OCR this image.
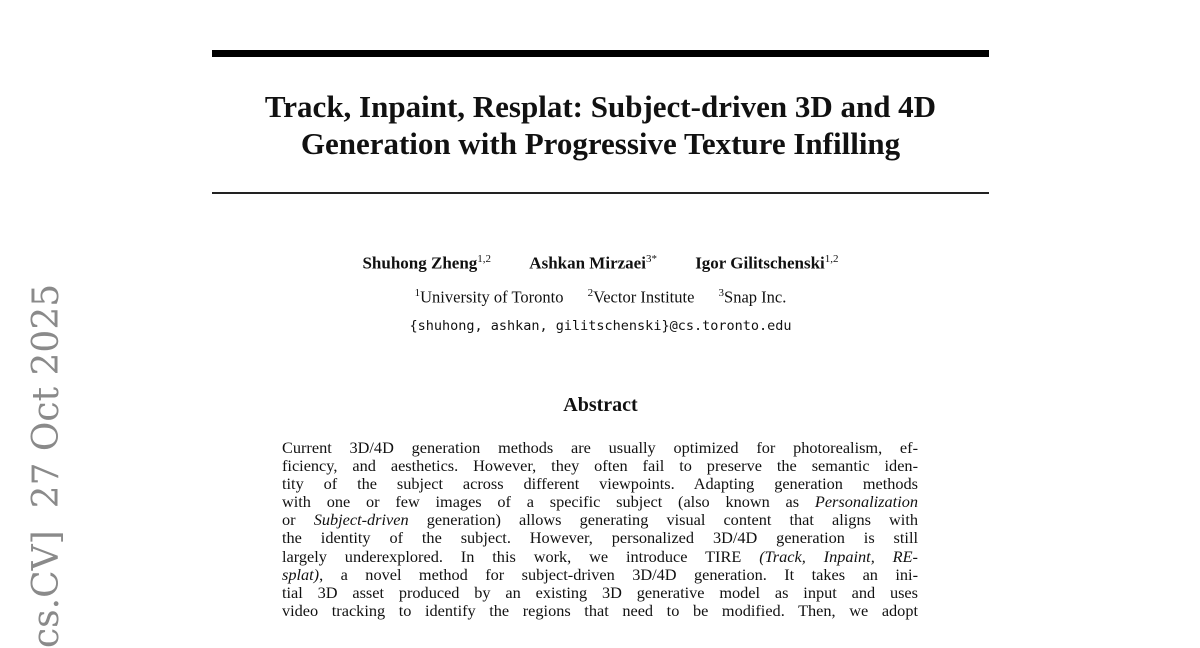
Track, Inpaint, Resplat: Subject-driven 3D and 4D
Generation with Progressive Texture Infilling
Shuhong Zheng$^{1,2}$ Ashkan Mirzaei$^{3*}$ Igor Gilitschenski$^{1,2}$
$^1$University of Toronto $^2$Vector Institute $^3$Snap Inc.
{shuhong, ashkan, gilitschenski}@cs.toronto.edu
Abstract
Current 3D/4D generation methods are usually optimized for photorealism, ef-
ficiency, and aesthetics. However, they often fail to preserve the semantic iden-
tity of the subject across different viewpoints. Adapting generation methods
with one or few images of a specific subject (also known as Personalization
or Subject-driven generation) allows generating visual content that aligns with
the identity of the subject. However, personalized 3D/4D generation is still
largely underexplored. In this work, we introduce TIRE (Track, Inpaint, RE-
splat), a novel method for subject-driven 3D/4D generation. It takes an ini-
tial 3D asset produced by an existing 3D generative model as input and uses
video tracking to identify the regions that need to be modified. Then, we adopt
cs.CV]27 Oct 2025
